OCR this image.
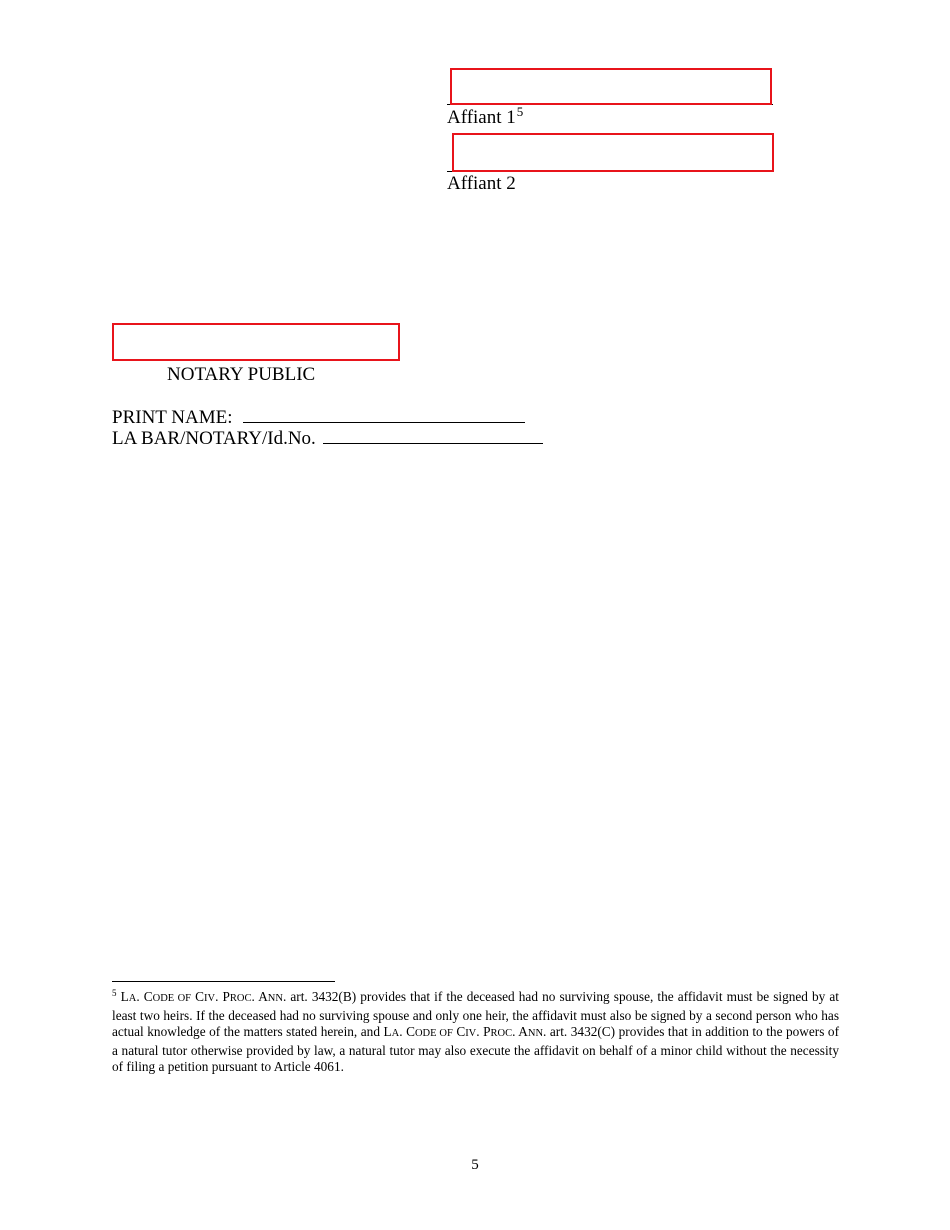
Affiant $1^5$
Affiant 2
NOTARY PUBLIC
PRINT NAME:
LA BAR/NOTARY/Id.No.
$^5$ LA. CODE OF CIV. PROC. ANN. art. 3432(B) provides that if the deceased had no surviving spouse, the affidavit must be signed by at least two heirs. If the deceased had no surviving spouse and only one heir, the affidavit must also be signed by a second person who has actual knowledge of the matters stated herein, and LA. CODE OF CIV. PROC. ANN. art. 3432(C) provides that in addition to the powers of a natural tutor otherwise provided by law, a natural tutor may also execute the affidavit on behalf of a minor child without the necessity of filing a petition pursuant to Article 4061.
5
